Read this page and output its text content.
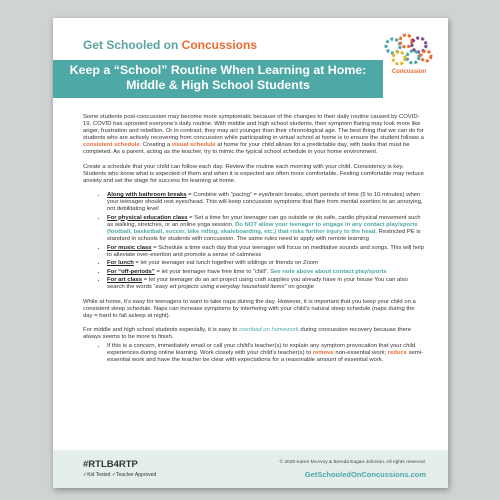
Get Schooled on Concussions
Concussion
Keep a “School” Routine When Learning at Home:
Middle & High School Students

Some students post-concussion may become more symptomatic because of the changes to their daily routine caused by COVID-19. COVID has uprooted everyone’s daily routine. With middle and high school students, their symptom flaring may look more like anger, frustration and rebellion. Or in contrast, they may act younger than their chronological age. The best thing that we can do for students who are actively recovering from concussion while participating in virtual school at home is to ensure the student follows a consistent schedule. Creating a visual schedule at home for your child allows for a predictable day, with tasks that must be completed. As a parent, acting as the teacher, try to mimic the typical school schedule in your home environment.

Create a schedule that your child can follow each day. Review the routine each morning with your child. Consistency is key. Students who know what is expected of them and when it is expected are often more comfortable. Feeling comfortable may reduce anxiety and set the stage for success for learning at home.

• Along with bathroom breaks = Combine with “pacing” = eye/brain breaks, short periods of time (5 to 10 minutes) when your teenager should rest eyes/head. This will keep concussion symptoms that flare from mental exertion to an annoying, not debilitating level
• For physical education class = Set a time for your teenager can go outside or do safe, cardio physical movement such as walking, stretches, or an online yoga session. Do NOT allow your teenager to engage in any contact play/sports (football, basketball, soccer, bike riding, skateboarding, etc.) that risks further injury to the head. Restricted PE is standard in schools for students with concussion. The same rules need to apply with remote learning
• For music class = Schedule a time each day that your teenager will focus on meditative sounds and songs. This will help to alleviate over-exertion and promote a sense of calmness
• For lunch = let your teenager eat lunch together with siblings or friends on Zoom
• For “off-periods” = let your teenager have free time to “chill”. See note above about contact play/sports
• For art class = let your teenager do an art project using craft supplies you already have in your house You can also search the words “easy art projects using everyday household items” on google

While at home, it’s easy for teenagers to want to take naps during the day. However, it is important that you keep your child on a consistent sleep schedule. Naps can increase symptoms by interfering with your child’s natural sleep schedule (naps during the day = hard to fall asleep at night).

For middle and high school students especially, it is easy to overload on homework during concussion recovery because there always seems to be more to finish.

• If this is a concern, immediately email or call your child’s teacher(s) to explain any symptom provocation that your child experiences during online learning. Work closely with your child’s teacher(s) to remove non-essential work; reduce semi-essential work and have the teacher be clear with expectations for a reasonable amount of essential work.
#RTLB4RTP
✓Kid Tested ✓Teacher Approved
© 2020 Karen McAvoy & Brenda Eagan-Johnson. All rights reserved.
GetSchooledOnConcussions.com
